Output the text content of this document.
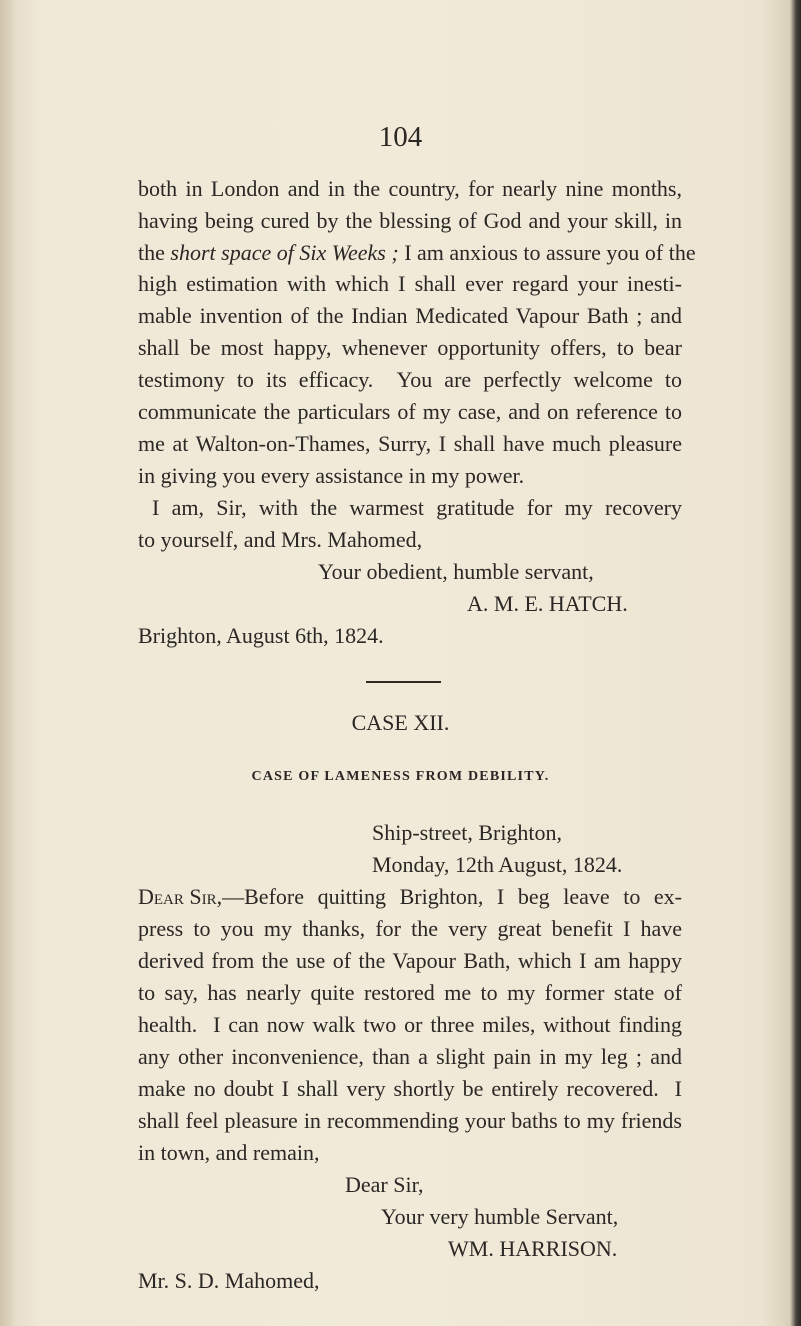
104
both in London and in the country, for nearly nine months,
having being cured by the blessing of God and your skill, in
the short space of Six Weeks ; I am anxious to assure you of the
high estimation with which I shall ever regard your inesti-
mable invention of the Indian Medicated Vapour Bath ; and
shall be most happy, whenever opportunity offers, to bear
testimony to its efficacy.  You are perfectly welcome to
communicate the particulars of my case, and on reference to
me at Walton-on-Thames, Surry, I shall have much pleasure
in giving you every assistance in my power.
I am, Sir, with the warmest gratitude for my recovery
to yourself, and Mrs. Mahomed,
Your obedient, humble servant,
A. M. E. HATCH.
Brighton, August 6th, 1824.
CASE XII.
CASE OF LAMENESS FROM DEBILITY.
Ship-street, Brighton,
Monday, 12th August, 1824.
Dear Sir, —Before quitting Brighton, I beg leave to ex-
press to you my thanks, for the very great benefit I have
derived from the use of the Vapour Bath, which I am happy
to say, has nearly quite restored me to my former state of
health.  I can now walk two or three miles, without finding
any other inconvenience, than a slight pain in my leg ; and
make no doubt I shall very shortly be entirely recovered.  I
shall feel pleasure in recommending your baths to my friends
in town, and remain,
Dear Sir,
Your very humble Servant,
WM. HARRISON.
Mr. S. D. Mahomed,
